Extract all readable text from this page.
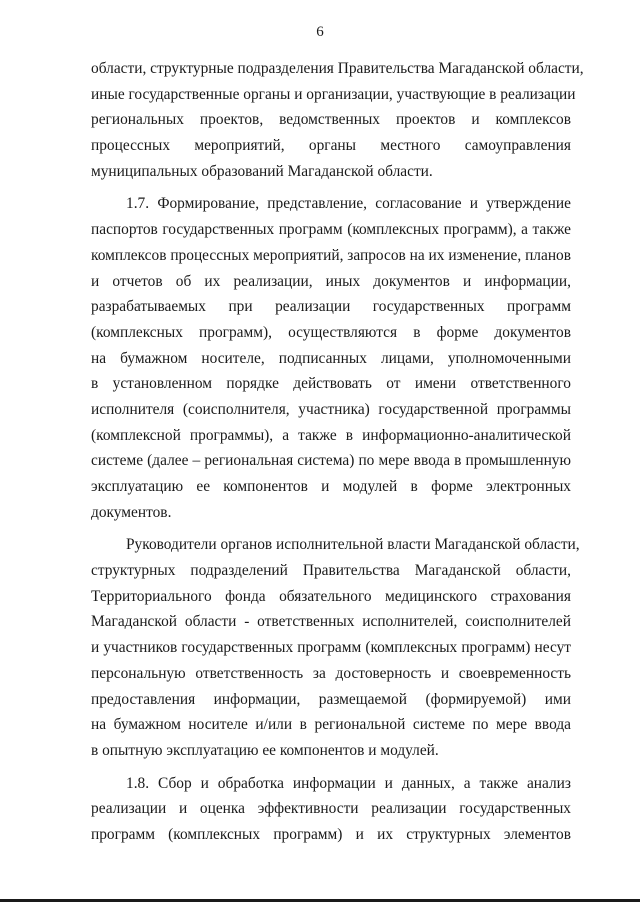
6
области, структурные подразделения Правительства Магаданской области,
иные государственные органы и организации, участвующие в реализации
региональных проектов, ведомственных проектов и комплексов
процессных мероприятий, органы местного самоуправления
муниципальных образований Магаданской области.
1.7. Формирование, представление, согласование и утверждение
паспортов государственных программ (комплексных программ), а также
комплексов процессных мероприятий, запросов на их изменение, планов
и отчетов об их реализации, иных документов и информации,
разрабатываемых при реализации государственных программ
(комплексных программ), осуществляются в форме документов
на бумажном носителе, подписанных лицами, уполномоченными
в установленном порядке действовать от имени ответственного
исполнителя (соисполнителя, участника) государственной программы
(комплексной программы), а также в информационно-аналитической
системе (далее – региональная система) по мере ввода в промышленную
эксплуатацию ее компонентов и модулей в форме электронных
документов.
Руководители органов исполнительной власти Магаданской области,
структурных подразделений Правительства Магаданской области,
Территориального фонда обязательного медицинского страхования
Магаданской области - ответственных исполнителей, соисполнителей
и участников государственных программ (комплексных программ) несут
персональную ответственность за достоверность и своевременность
предоставления информации, размещаемой (формируемой) ими
на бумажном носителе и/или в региональной системе по мере ввода
в опытную эксплуатацию ее компонентов и модулей.
1.8. Сбор и обработка информации и данных, а также анализ
реализации и оценка эффективности реализации государственных
программ (комплексных программ) и их структурных элементов
